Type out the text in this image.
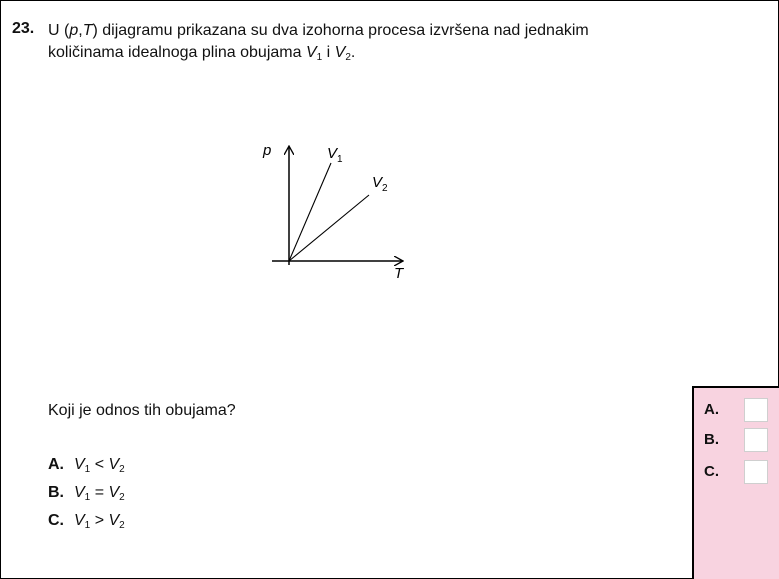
23. U (p,T) dijagramu prikazana su dva izohorna procesa izvršena nad jednakim
količinama idealnoga plina obujama $V_1$ i $V_2$.
p
T
$V_1$
$V_2$
Koji je odnos tih obujama?
A. $V_1 < V_2$
B. $V_1 = V_2$
C. $V_1 > V_2$
A.
B.
C.
